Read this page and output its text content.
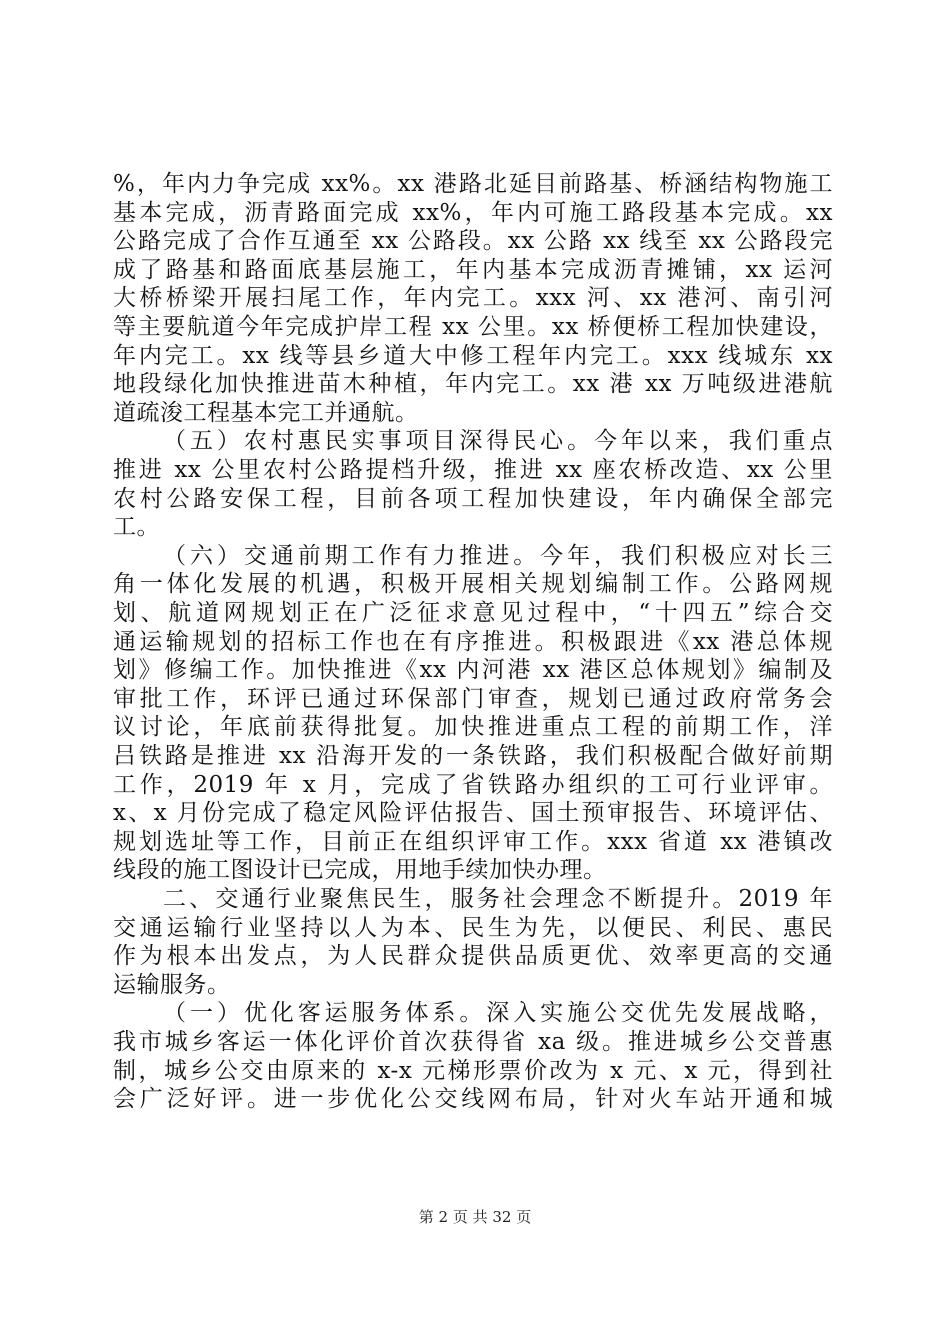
%，年内力争完成 xx%。xx 港路北延目前路基、桥涵结构物施工
基本完成，沥青路面完成 xx%，年内可施工路段基本完成。xx
公路完成了合作互通至 xx 公路段。xx 公路 xx 线至 xx 公路段完
成了路基和路面底基层施工，年内基本完成沥青摊铺，xx 运河
大桥桥梁开展扫尾工作，年内完工。xxx 河、xx 港河、南引河
等主要航道今年完成护岸工程 xx 公里。xx 桥便桥工程加快建设，
年内完工。xx 线等县乡道大中修工程年内完工。xxx 线城东 xx
地段绿化加快推进苗木种植，年内完工。xx 港 xx 万吨级进港航
道疏浚工程基本完工并通航。
（五）农村惠民实事项目深得民心。今年以来，我们重点
推进 xx 公里农村公路提档升级，推进 xx 座农桥改造、xx 公里
农村公路安保工程，目前各项工程加快建设，年内确保全部完
工。
（六）交通前期工作有力推进。今年，我们积极应对长三
角一体化发展的机遇，积极开展相关规划编制工作。公路网规
划、航道网规划正在广泛征求意见过程中，“十四五”综合交
通运输规划的招标工作也在有序推进。积极跟进《xx 港总体规
划》修编工作。加快推进《xx 内河港 xx 港区总体规划》编制及
审批工作，环评已通过环保部门审查，规划已通过政府常务会
议讨论，年底前获得批复。加快推进重点工程的前期工作，洋
吕铁路是推进 xx 沿海开发的一条铁路，我们积极配合做好前期
工作，2019 年 x 月，完成了省铁路办组织的工可行业评审。
x、x 月份完成了稳定风险评估报告、国土预审报告、环境评估、
规划选址等工作，目前正在组织评审工作。xxx 省道 xx 港镇改
线段的施工图设计已完成，用地手续加快办理。
二、交通行业聚焦民生，服务社会理念不断提升。2019 年
交通运输行业坚持以人为本、民生为先，以便民、利民、惠民
作为根本出发点，为人民群众提供品质更优、效率更高的交通
运输服务。
（一）优化客运服务体系。深入实施公交优先发展战略，
我市城乡客运一体化评价首次获得省 xa 级。推进城乡公交普惠
制，城乡公交由原来的 x-x 元梯形票价改为 x 元、x 元，得到社
会广泛好评。进一步优化公交线网布局，针对火车站开通和城
第 2 页 共 32 页
